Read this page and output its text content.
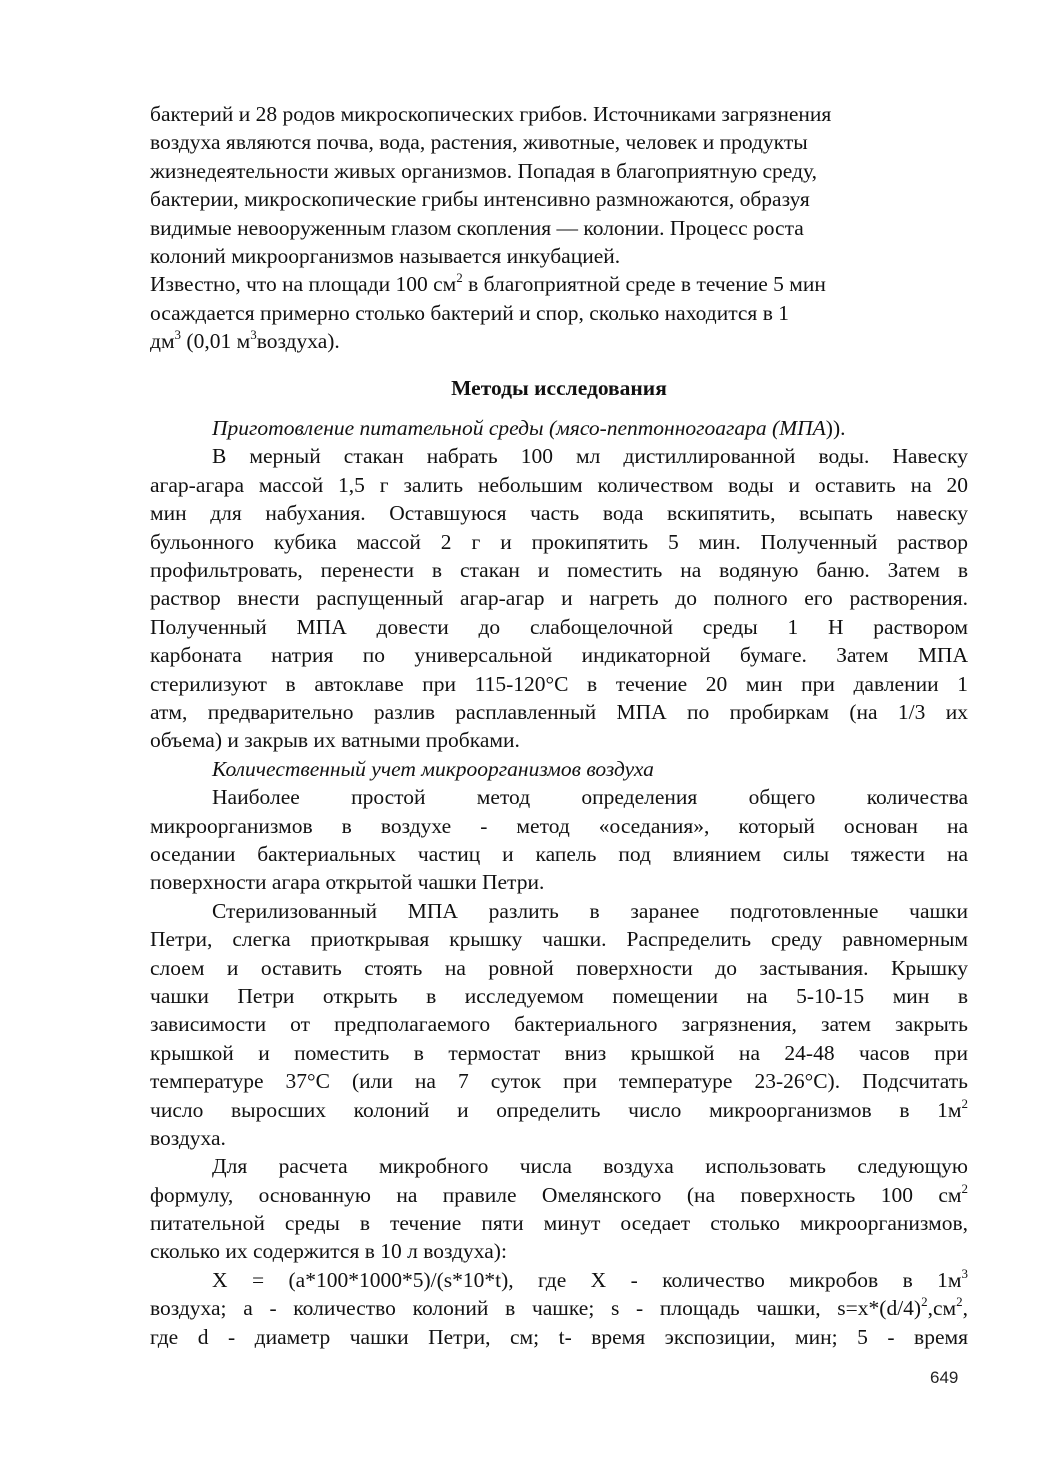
бактерий и 28 родов микроскопических грибов. Источниками загрязнения
воздуха являются почва, вода, растения, животные, человек и продукты
жизнедеятельности живых организмов. Попадая в благоприятную среду,
бактерии, микроскопические грибы интенсивно размножаются, образуя
видимые невооруженным глазом скопления — колонии. Процесс роста
колоний микроорганизмов называется инкубацией.
Известно, что на площади 100 $см^2$ в благоприятной среде в течение 5 мин
осаждается примерно столько бактерий и спор, сколько находится в 1
$дм^3$ (0,01 $м^3воздуха$).
Методы исследования
Приготовление питательной среды (мясо-пептонногоагара (МПА)).
В мерный стакан набрать 100 мл дистиллированной воды. Навеску
агар-агара массой 1,5 г залить небольшим количеством воды и оставить на 20
мин для набухания. Оставшуюся часть вода вскипятить, всыпать навеску
бульонного кубика массой 2 г и прокипятить 5 мин. Полученный раствор
профильтровать, перенести в стакан и поместить на водяную баню. Затем в
раствор внести распущенный агар-агар и нагреть до полного его растворения.
Полученный МПА довести до слабощелочной среды 1 Н раствором
карбоната натрия по универсальной индикаторной бумаге. Затем МПА
стерилизуют в автоклаве при 115-120°С в течение 20 мин при давлении 1
атм, предварительно разлив расплавленный МПА по пробиркам (на 1/3 их
объема) и закрыв их ватными пробками.
Количественный учет микроорганизмов воздуха
Наиболее простой метод определения общего количества
микроорганизмов в воздухе - метод «оседания», который основан на
оседании бактериальных частиц и капель под влиянием силы тяжести на
поверхности агара открытой чашки Петри.
Стерилизованный МПА разлить в заранее подготовленные чашки
Петри, слегка приоткрывая крышку чашки. Распределить среду равномерным
слоем и оставить стоять на ровной поверхности до застывания. Крышку
чашки Петри открыть в исследуемом помещении на 5-10-15 мин в
зависимости от предполагаемого бактериального загрязнения, затем закрыть
крышкой и поместить в термостат вниз крышкой на 24-48 часов при
температуре 37°С (или на 7 суток при температуре 23-26°С). Подсчитать
число выросших колоний и определить число микроорганизмов в $1м^2$
воздуха.
Для расчета микробного числа воздуха использовать следующую
формулу, основанную на правиле Омелянского (на поверхность 100 $см^2$
питательной среды в течение пяти минут оседает столько микроорганизмов,
сколько их содержится в 10 л воздуха):
Х = (a*100*1000*5)/(s*10*t), где Х - количество микробов в $1м^3$
воздуха; а - количество колоний в чашке; s - площадь чашки, $s=х*(d/4)^2,см^2$,
где d - диаметр чашки Петри, см; t- время экспозиции, мин; 5 - время
649
